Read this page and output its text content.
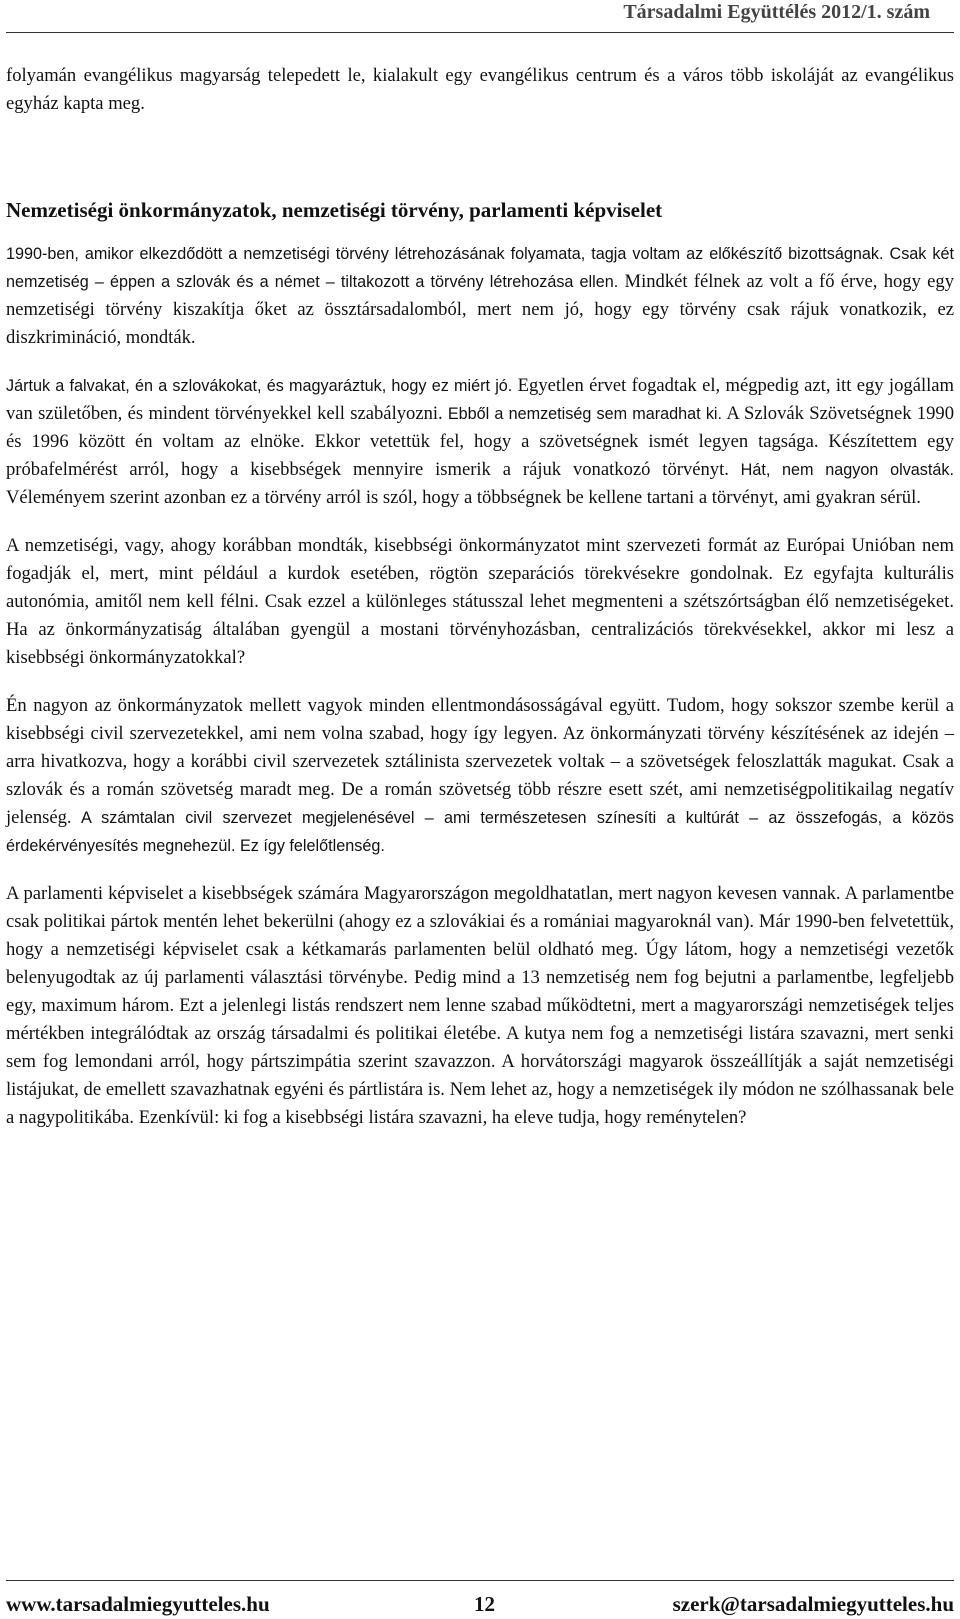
Társadalmi Együttélés 2012/1. szám

folyamán evangélikus magyarság telepedett le, kialakult egy evangélikus centrum és a város több iskoláját az evangélikus egyház kapta meg.

Nemzetiségi önkormányzatok, nemzetiségi törvény, parlamenti képviselet

1990-ben, amikor elkezdődött a nemzetiségi törvény létrehozásának folyamata, tagja voltam az előkészítő bizottságnak. Csak két nemzetiség – éppen a szlovák és a német – tiltakozott a törvény létrehozása ellen. Mindkét félnek az volt a fő érve, hogy egy nemzetiségi törvény kiszakítja őket az össztársadalomból, mert nem jó, hogy egy törvény csak rájuk vonatkozik, ez diszkrimináció, mondták.

Jártuk a falvakat, én a szlovákokat, és magyaráztuk, hogy ez miért jó. Egyetlen érvet fogadtak el, mégpedig azt, itt egy jogállam van születőben, és mindent törvényekkel kell szabályozni. Ebből a nemzetiség sem maradhat ki. A Szlovák Szövetségnek 1990 és 1996 között én voltam az elnöke. Ekkor vetettük fel, hogy a szövetségnek ismét legyen tagsága. Készítettem egy próbafelmérést arról, hogy a kisebbségek mennyire ismerik a rájuk vonatkozó törvényt. Hát, nem nagyon olvasták. Véleményem szerint azonban ez a törvény arról is szól, hogy a többségnek be kellene tartani a törvényt, ami gyakran sérül.

A nemzetiségi, vagy, ahogy korábban mondták, kisebbségi önkormányzatot mint szervezeti formát az Európai Unióban nem fogadják el, mert, mint például a kurdok esetében, rögtön szeparációs törekvésekre gondolnak. Ez egyfajta kulturális autonómia, amitől nem kell félni. Csak ezzel a különleges státusszal lehet megmenteni a szétszórtságban élő nemzetiségeket. Ha az önkormányzatiság általában gyengül a mostani törvényhozásban, centralizációs törekvésekkel, akkor mi lesz a kisebbségi önkormányzatokkal?

Én nagyon az önkormányzatok mellett vagyok minden ellentmondásosságával együtt. Tudom, hogy sokszor szembe kerül a kisebbségi civil szervezetekkel, ami nem volna szabad, hogy így legyen. Az önkormányzati törvény készítésének az idején – arra hivatkozva, hogy a korábbi civil szervezetek sztálinista szervezetek voltak – a szövetségek feloszlatták magukat. Csak a szlovák és a román szövetség maradt meg. De a román szövetség több részre esett szét, ami nemzetiségpolitikailag negatív jelenség. A számtalan civil szervezet megjelenésével – ami természetesen színesíti a kultúrát – az összefogás, a közös érdekérvényesítés megnehezül. Ez így felelőtlenség.

A parlamenti képviselet a kisebbségek számára Magyarországon megoldhatatlan, mert nagyon kevesen vannak. A parlamentbe csak politikai pártok mentén lehet bekerülni (ahogy ez a szlovákiai és a romániai magyaroknál van). Már 1990-ben felvetettük, hogy a nemzetiségi képviselet csak a kétkamarás parlamenten belül oldható meg. Úgy látom, hogy a nemzetiségi vezetők belenyugodtak az új parlamenti választási törvénybe. Pedig mind a 13 nemzetiség nem fog bejutni a parlamentbe, legfeljebb egy, maximum három. Ezt a jelenlegi listás rendszert nem lenne szabad működtetni, mert a magyarországi nemzetiségek teljes mértékben integrálódtak az ország társadalmi és politikai életébe. A kutya nem fog a nemzetiségi listára szavazni, mert senki sem fog lemondani arról, hogy pártszimpátia szerint szavazzon. A horvátországi magyarok összeállítják a saját nemzetiségi listájukat, de emellett szavazhatnak egyéni és pártlistára is. Nem lehet az, hogy a nemzetiségek ily módon ne szólhassanak bele a nagypolitikába. Ezenkívül: ki fog a kisebbségi listára szavazni, ha eleve tudja, hogy reménytelen?

www.tarsadalmiegyutteles.hu	12	szerk@tarsadalmiegyutteles.hu
